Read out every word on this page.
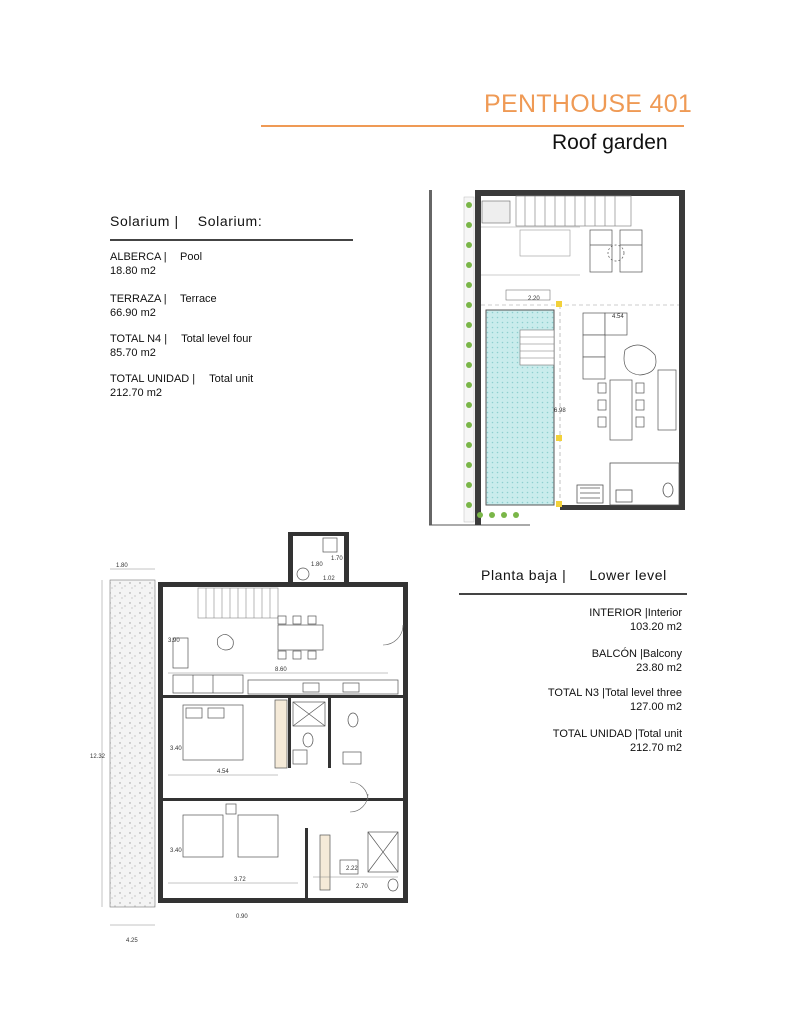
PENTHOUSE 401
Roof garden
Solarium | Solarium:
ALBERCA | Pool
18.80 m2
TERRAZA | Terrace
66.90 m2
TOTAL N4 | Total level four
85.70 m2
TOTAL UNIDAD | Total unit
212.70 m2
Planta baja | Lower level
INTERIOR |Interior
103.20 m2
BALCÓN |Balcony
23.80 m2
TOTAL N3 |Total level three
127.00 m2
TOTAL UNIDAD |Total unit
212.70 m2
2.20
4.54
6.98
1.80
1.70
1.02
1.80
12.32
3.90
8.60
3.40
4.54
3.40
3.72
2.22
2.70
0.90
4.25
